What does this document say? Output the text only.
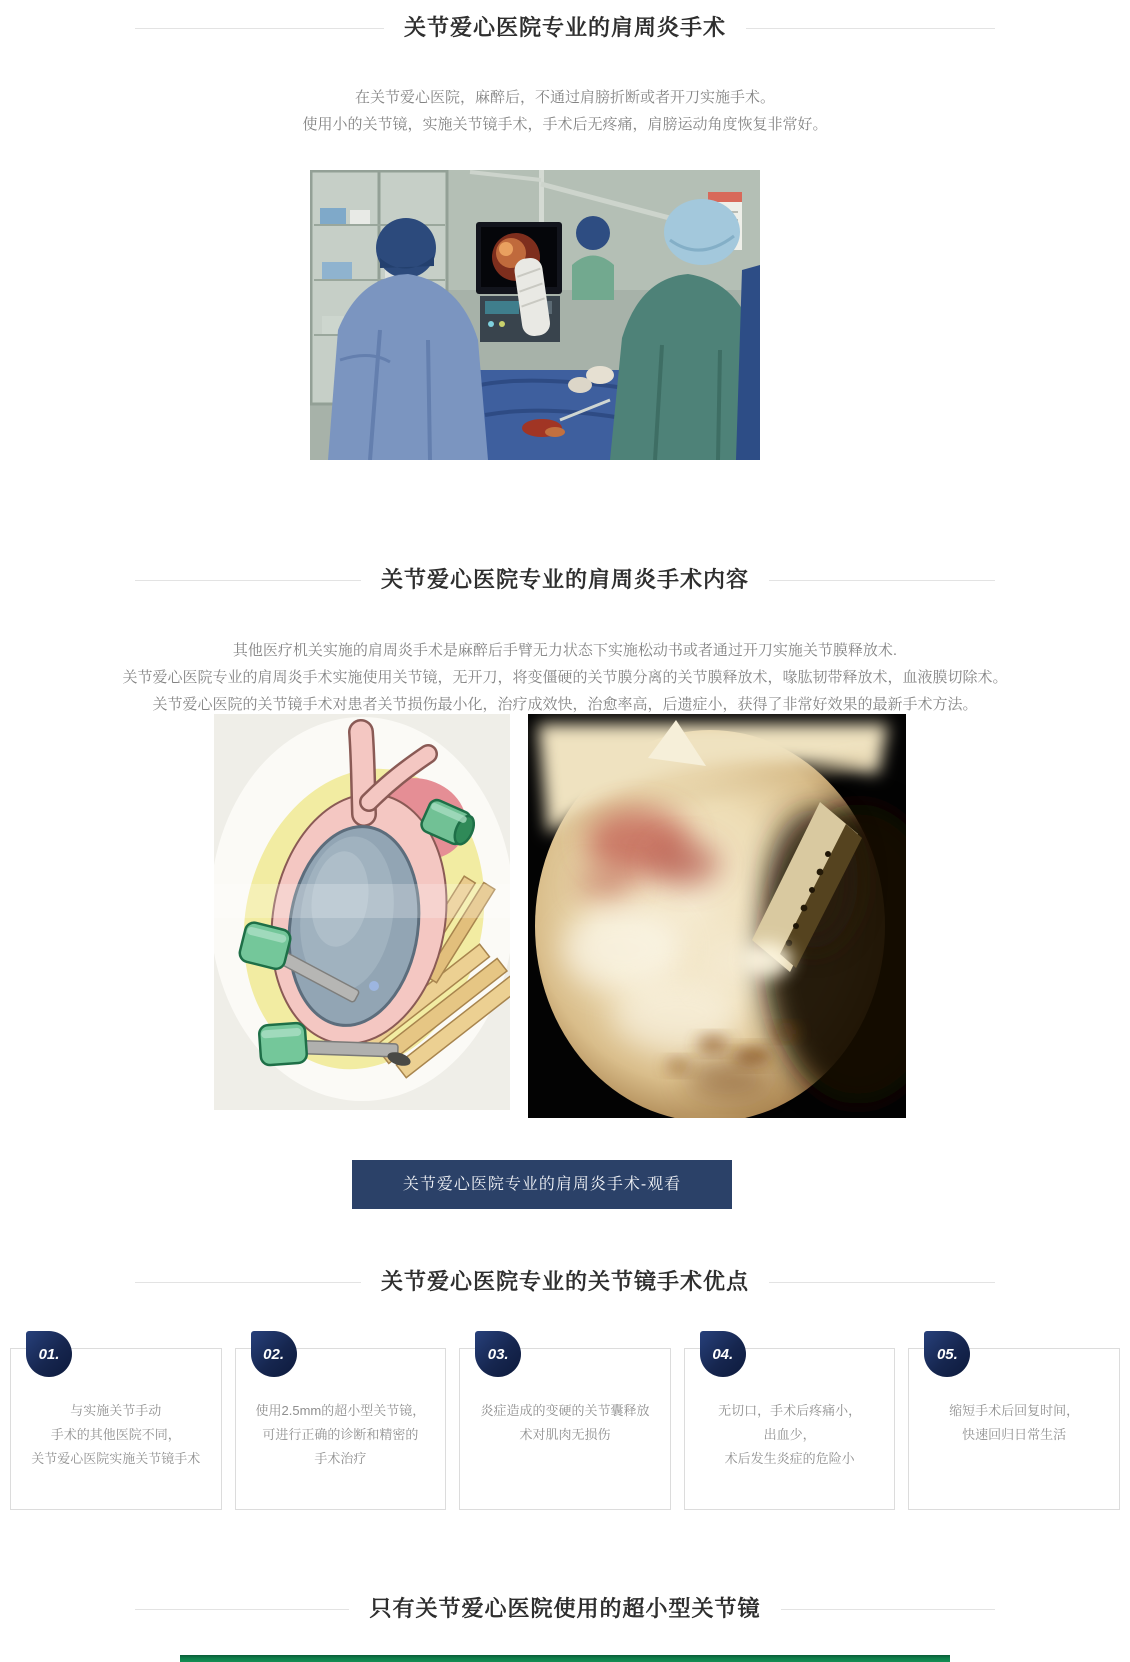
关节爱心医院专业的肩周炎手术
在关节爱心医院，麻醉后，不通过肩膀折断或者开刀实施手术。
使用小的关节镜，实施关节镜手术，手术后无疼痛，肩膀运动角度恢复非常好。
关节爱心医院专业的肩周炎手术内容
其他医疗机关实施的肩周炎手术是麻醉后手臂无力状态下实施松动书或者通过开刀实施关节膜释放术.
关节爱心医院专业的肩周炎手术实施使用关节镜，无开刀，将变僵硬的关节膜分离的关节膜释放术，喙肱韧带释放术，血液膜切除术。
关节爱心医院的关节镜手术对患者关节损伤最小化，治疗成效快，治愈率高，后遗症小，获得了非常好效果的最新手术方法。
关节爱心医院专业的肩周炎手术-观看
关节爱心医院专业的关节镜手术优点
01.
与实施关节手动
手术的其他医院不同，
关节爱心医院实施关节镜手术
02.
使用2.5mm的超小型关节镜，
可进行正确的诊断和精密的
手术治疗
03.
炎症造成的变硬的关节囊释放
术对肌肉无损伤
04.
无切口，手术后疼痛小，
出血少，
术后发生炎症的危险小
05.
缩短手术后回复时间，
快速回归日常生活
只有关节爱心医院使用的超小型关节镜
